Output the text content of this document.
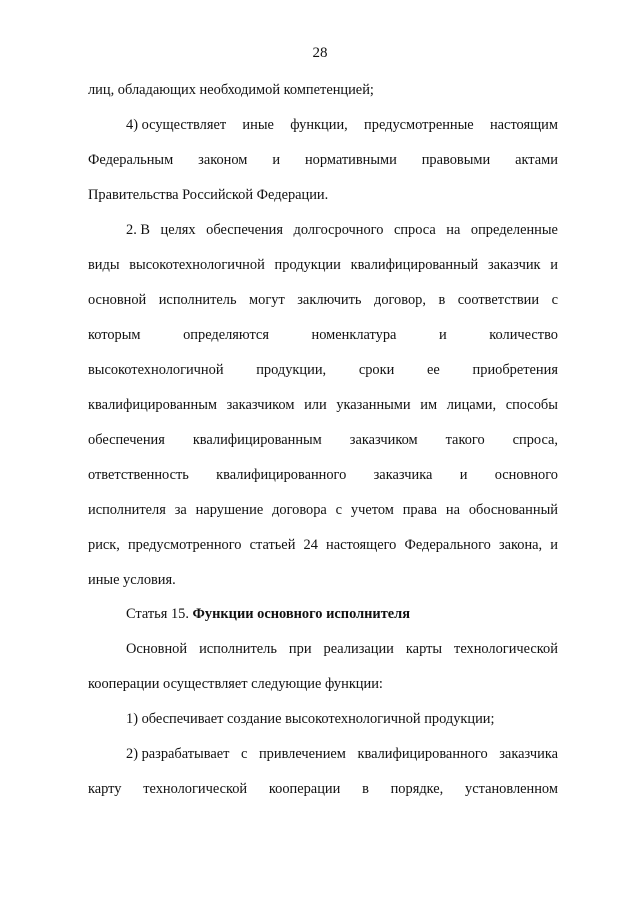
28
лиц, обладающих необходимой компетенцией;
4) осуществляет иные функции, предусмотренные настоящим
Федеральным законом и нормативными правовыми актами
Правительства Российской Федерации.
2. В целях обеспечения долгосрочного спроса на определенные
виды высокотехнологичной продукции квалифицированный заказчик и
основной исполнитель могут заключить договор, в соответствии с
которым	определяются	номенклатура	и	количество
высокотехнологичной продукции, сроки ее приобретения
квалифицированным заказчиком или указанными им лицами, способы
обеспечения квалифицированным заказчиком такого спроса,
ответственность квалифицированного заказчика и основного
исполнителя за нарушение договора с учетом права на обоснованный
риск, предусмотренного статьей 24 настоящего Федерального закона, и
иные условия.
Статья 15. Функции основного исполнителя
Основной исполнитель при реализации карты технологической
кооперации осуществляет следующие функции:
1) обеспечивает создание высокотехнологичной продукции;
2) разрабатывает с привлечением квалифицированного заказчика
карту технологической кооперации в порядке, установленном
